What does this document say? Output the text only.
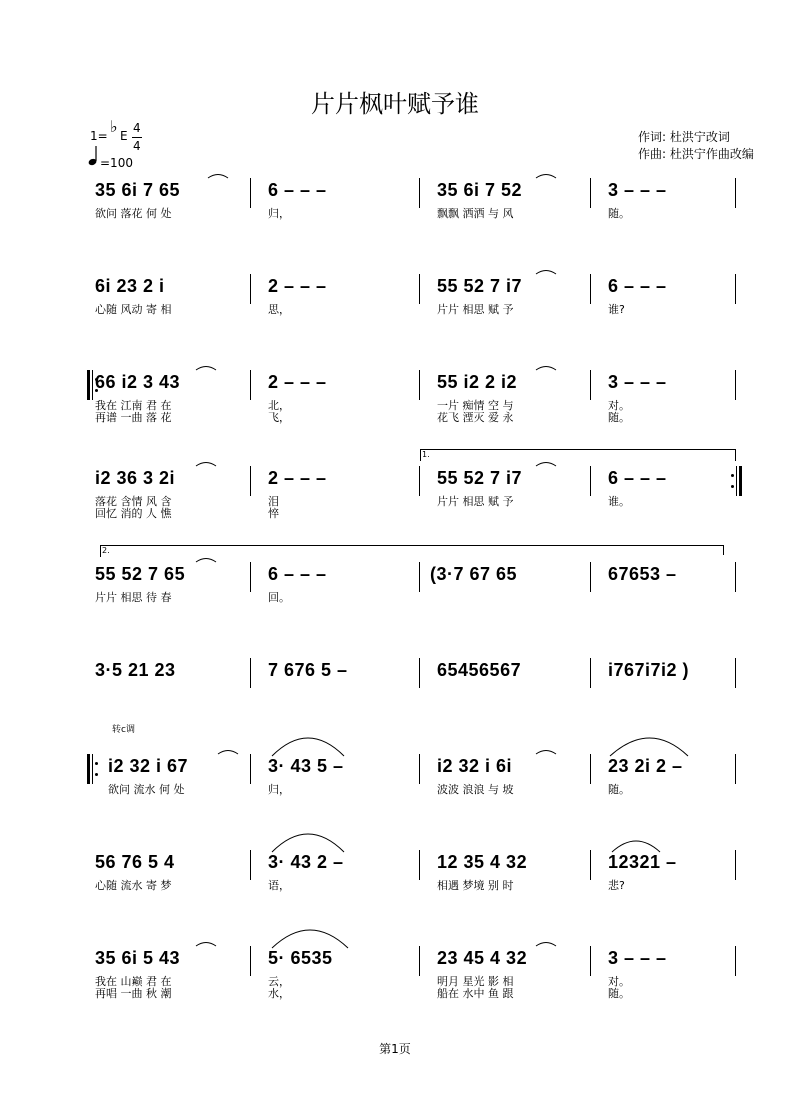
片片枫叶赋予谁
1= ♭ E
4
4
=100
作词: 杜洪宁改词
作曲: 杜洪宁作曲改编
35 6i 7 65	6 – – –	35 6i 7 52	3 – – –
欲问 落花 何 处	归，	飘飘 洒洒 与 风	随。
6i 23 2 i	2 – – –	55 52 7 i7	6 – – –
心随 风动 寄 相	思，	片片 相思 赋 予	谁?
66 i2 3 43	2 – – –	55 i2 2 i2	3 – – –
我在 江南 君 在	北，	一片 痴情 空 与	对。
再谱 一曲 落 花	飞，	花飞 湮灭 爱 永	随。
1.
i2 36 3 2i	2 – – –	55 52 7 i7	6 – – –
落花 含情 风 含	泪	片片 相思 赋 予	谁。
回忆 消的 人 憔	悴
2.
55 52 7 65	6 – – –	(3·7 67 65	67653 –
片片 相思 待 春	回。
3·5 21 23	7 676 5 –	65456567	i767i7i2 )
转c调
i2 32 i 67	3· 43 5 –	i2 32 i 6i	23 2i 2 –
欲问 流水 何 处	归，	波波 浪浪 与 坡	随。
56 76 5 4	3· 43 2 –	12 35 4 32	12321 –
心随 流水 寄 梦	语，	相遇 梦境 别 时	悲?
35 6i 5 43	5· 6535	23 45 4 32	3 – – –
我在 山巅 君 在	云，	明月 星光 影 相	对。
再唱 一曲 秋 潮	水，	船在 水中 鱼 跟	随。
第1页
